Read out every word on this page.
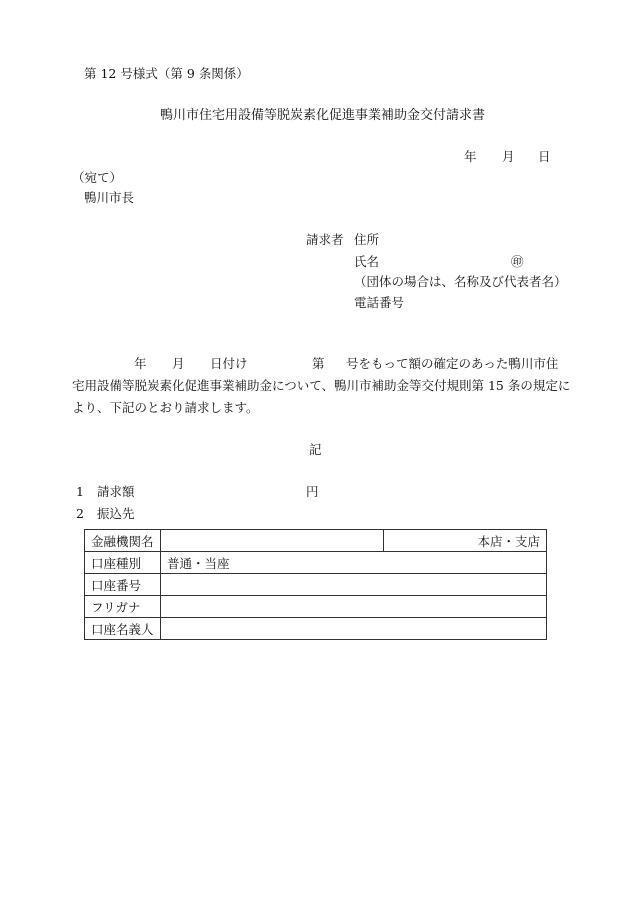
第 12 号様式（第 9 条関係）
鴨川市住宅用設備等脱炭素化促進事業補助金交付請求書
年 月 日
（宛て）
鴨川市長
請求者 住所
氏名	㊞
（団体の場合は、名称及び代表者名）
電話番号
年 月 日付け	第 号をもって額の確定のあった鴨川市住
宅用設備等脱炭素化促進事業補助金について、鴨川市補助金等交付規則第 15 条の規定に
より、下記のとおり請求します。
記
1 請求額	円
2 振込先
金融機関名		本店・支店
口座種別	普通・当座	
口座番号		
フリガナ		
口座名義人		
